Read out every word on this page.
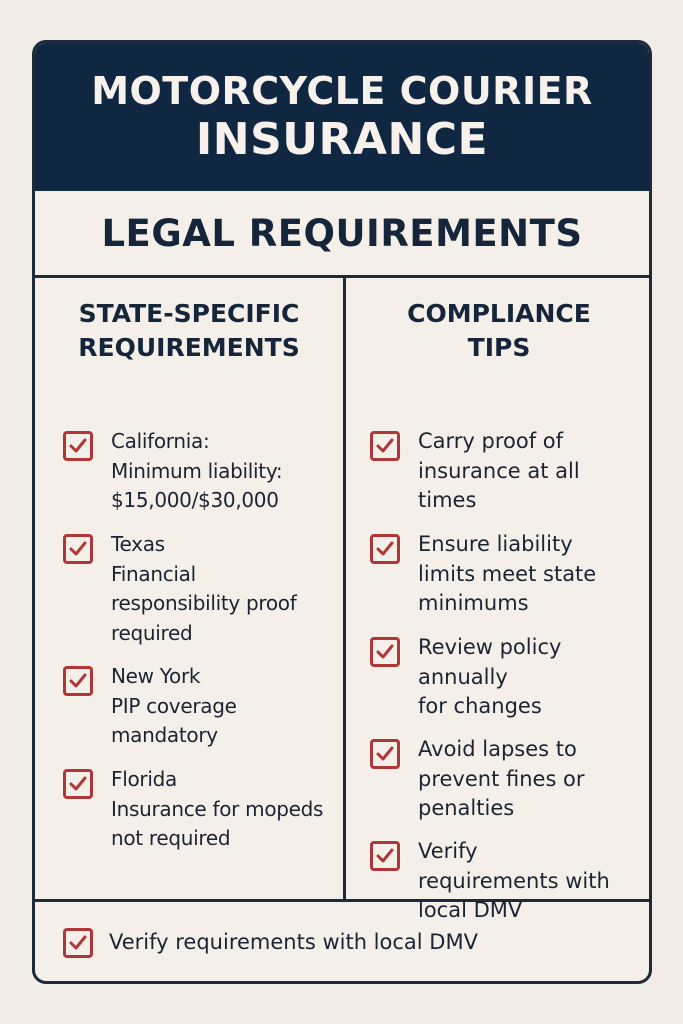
MOTORCYCLE COURIER
INSURANCE
LEGAL REQUIREMENTS
STATE-SPECIFIC
REQUIREMENTS
California:
Minimum liability:
$15,000/$30,000
Texas
Financial
responsibility proof
required
New York
PIP coverage
mandatory
Florida
Insurance for mopeds
not required
COMPLIANCE
TIPS
Carry proof of
insurance at all
times
Ensure liability
limits meet state
minimums
Review policy
annually
for changes
Avoid lapses to
prevent fines or
penalties
Verify
requirements with
local DMV
Verify requirements with local DMV
